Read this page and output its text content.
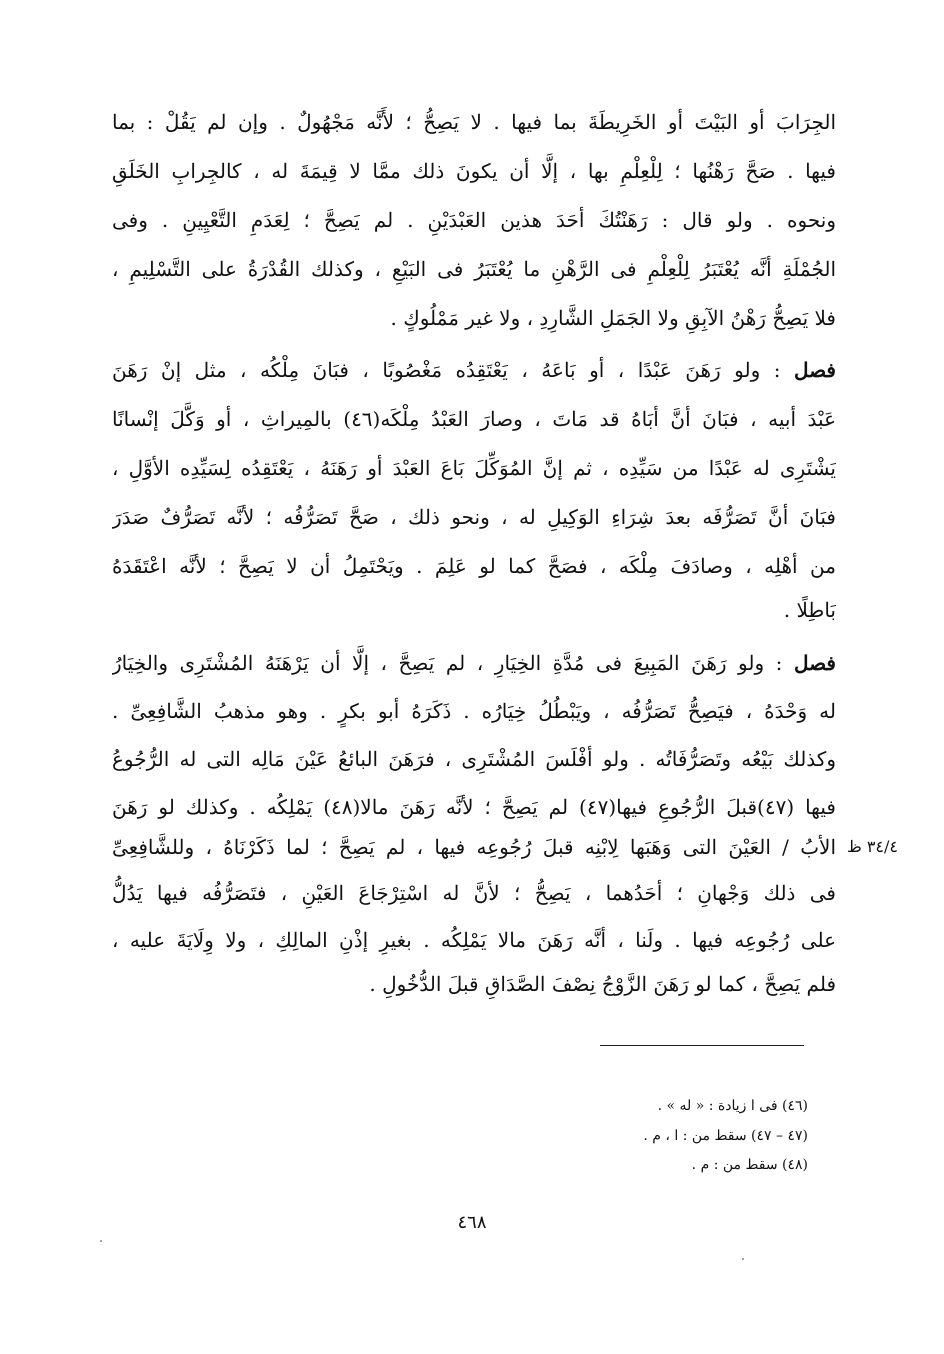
الجِرَابَ أو البَيْتَ أو الخَرِيطَةَ بما فيها . لا يَصِحُّ ؛ لأَنَّه مَجْهُولٌ . وإن لم يَقُلْ : بما
فيها . صَحَّ رَهْنُها ؛ لِلْعِلْمِ بها ، إلَّا أن يكونَ ذلك ممَّا لا قِيمَةَ له ، كالجِرابِ الخَلَقِ
ونحوه . ولو قال : رَهَنْتُكَ أحَدَ هذين العَبْدَيْنِ . لم يَصِحَّ ؛ لِعَدَمِ التَّعْيِينِ . وفى
الجُمْلَةِ أنَّه يُعْتَبَرُ لِلْعِلْمِ فى الرَّهْنِ ما يُعْتَبَرُ فى البَيْعِ ، وكذلك القُدْرَةُ على التَّسْلِيمِ ،
فلا يَصِحُّ رَهْنُ الآبِقِ ولا الجَمَلِ الشَّارِدِ ، ولا غير مَمْلُوكٍ .
فصل : ولو رَهَنَ عَبْدًا ، أو بَاعَهُ ، يَعْتَقِدُه مَغْصُوبًا ، فبَانَ مِلْكُه ، مثل إنْ رَهَنَ
عَبْدَ أبيه ، فبَانَ أنَّ أبَاهُ قد مَاتَ ، وصارَ العَبْدُ مِلْكَه(٤٦) بالمِيراثِ ، أو وَكَّلَ إنْسانًا
يَشْتَرِى له عَبْدًا من سَيِّدِه ، ثم إنَّ المُوَكِّلَ بَاعَ العَبْدَ أو رَهَنَهُ ، يَعْتَقِدُه لِسَيِّدِه الأوَّلِ ،
فبَانَ أنَّ تَصَرُّفَه بعدَ شِرَاءِ الوَكِيلِ له ، ونحو ذلك ، صَحَّ تَصَرُّفُه ؛ لأنَّه تَصَرُّفٌ صَدَرَ
من أهْلِه ، وصادَفَ مِلْكَه ، فصَحَّ كما لو عَلِمَ . ويَحْتَمِلُ أن لا يَصِحَّ ؛ لأنَّه اعْتَقَدَهُ
بَاطِلًا .
فصل : ولو رَهَنَ المَبِيعَ فى مُدَّةِ الخِيَارِ ، لم يَصِحَّ ، إلَّا أن يَرْهَنَهُ المُشْتَرِى والخِيَارُ
له وَحْدَهُ ، فيَصِحُّ تَصَرُّفُه ، ويَبْطُلُ خِيَارُه . ذَكَرَهُ أبو بكرٍ . وهو مذهبُ الشَّافِعِىِّ .
وكذلك بَيْعُه وتَصَرُّفَاتُه . ولو أفْلَسَ المُشْتَرِى ، فرَهَنَ البائعُ عَيْنَ مَالِه التى له الرُّجُوعُ
فيها (٤٧)قبلَ الرُّجُوعِ فيها(٤٧) لم يَصِحَّ ؛ لأنَّه رَهَنَ مالا(٤٨) يَمْلِكُه . وكذلك لو رَهَنَ
الأبُ / العَيْنَ التى وَهَبَها لِابْنِه قبلَ رُجُوعِه فيها ، لم يَصِحَّ ؛ لما ذَكَرْنَاهُ ، وللشَّافِعِىِّ
فى ذلك وَجْهانِ ؛ أحَدُهما ، يَصِحُّ ؛ لأنَّ له اسْتِرْجَاعَ العَيْنِ ، فتَصَرُّفُه فيها يَدُلُّ
على رُجُوعِه فيها . ولَنا ، أنَّه رَهَنَ مالا يَمْلِكُه . بغيرِ إذْنِ المالِكِ ، ولا وِلَايَةَ عليه ،
فلم يَصِحَّ ، كما لو رَهَنَ الزَّوْجُ نِصْفَ الصَّدَاقِ قبلَ الدُّخُولِ .
٣٤/٤ ظ
(٤٦) فى ا زيادة : « له » .
(٤٧ – ٤٧) سقط من : ا ، م .
(٤٨) سقط من : م .
٤٦٨
